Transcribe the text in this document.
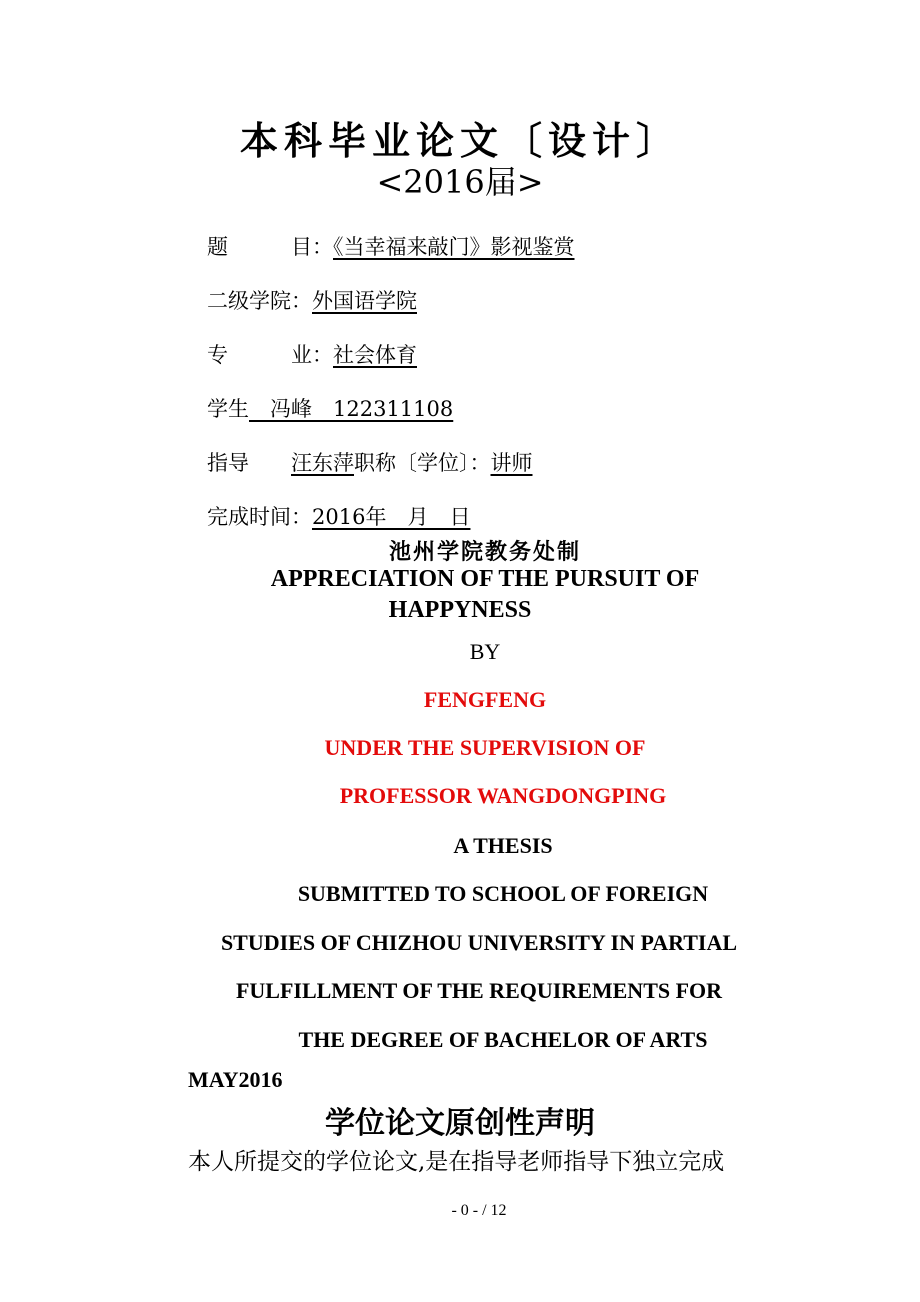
本科毕业论文〔设计〕
<2016届>
题　　　目：《当幸福来敲门》影视鉴赏
二级学院：外国语学院
专　　　业：社会体育
学生__冯峰__122311108
指导　　汪东萍职称〔学位〕：讲师
完成时间：2016年　月　日
池州学院教务处制
APPRECIATION OF THE PURSUIT OF
HAPPYNESS
BY
FENGFENG
UNDER THE SUPERVISION OF
PROFESSOR WANGDONGPING
A THESIS
SUBMITTED TO SCHOOL OF FOREIGN
STUDIES OF CHIZHOU UNIVERSITY IN PARTIAL
FULFILLMENT OF THE REQUIREMENTS FOR
THE DEGREE OF BACHELOR OF ARTS
MAY2016
学位论文原创性声明
本人所提交的学位论文,是在指导老师指导下独立完成
- 0 - / 12
